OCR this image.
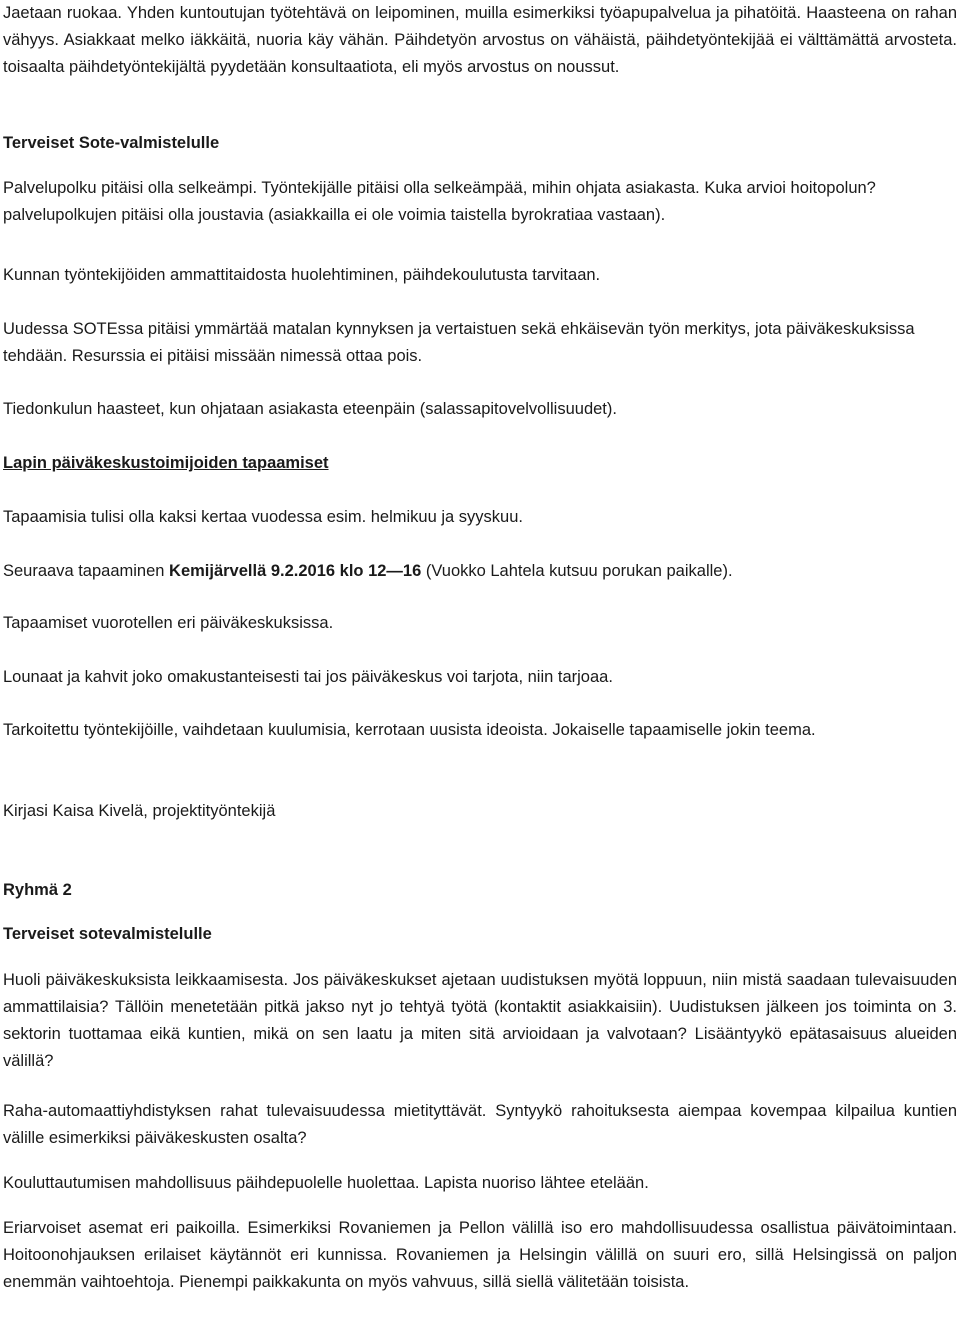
Jaetaan ruokaa. Yhden kuntoutujan työtehtävä on leipominen, muilla esimerkiksi työapupalvelua ja pihatöitä. Haasteena on rahan vähyys. Asiakkaat melko iäkkäitä, nuoria käy vähän. Päihdetyön arvostus on vähäistä, päihdetyöntekijää ei välttämättä arvosteta. toisaalta päihdetyöntekijältä pyydetään konsultaatiota, eli myös arvostus on noussut.

Terveiset Sote-valmistelulle

Palvelupolku pitäisi olla selkeämpi. Työntekijälle pitäisi olla selkeämpää, mihin ohjata asiakasta. Kuka arvioi hoitopolun? palvelupolkujen pitäisi olla joustavia (asiakkailla ei ole voimia taistella byrokratiaa vastaan).

Kunnan työntekijöiden ammattitaidosta huolehtiminen, päihdekoulutusta tarvitaan.

Uudessa SOTEssa pitäisi ymmärtää matalan kynnyksen ja vertaistuen sekä ehkäisevän työn merkitys, jota päiväkeskuksissa tehdään. Resurssia ei pitäisi missään nimessä ottaa pois.

Tiedonkulun haasteet, kun ohjataan asiakasta eteenpäin (salassapitovelvollisuudet).

Lapin päiväkeskustoimijoiden tapaamiset

Tapaamisia tulisi olla kaksi kertaa vuodessa esim. helmikuu ja syyskuu.

Seuraava tapaaminen Kemijärvellä 9.2.2016 klo 12—16 (Vuokko Lahtela kutsuu porukan paikalle).

Tapaamiset vuorotellen eri päiväkeskuksissa.

Lounaat ja kahvit joko omakustanteisesti tai jos päiväkeskus voi tarjota, niin tarjoaa.

Tarkoitettu työntekijöille, vaihdetaan kuulumisia, kerrotaan uusista ideoista. Jokaiselle tapaamiselle jokin teema.

Kirjasi Kaisa Kivelä, projektityöntekijä

Ryhmä 2

Terveiset sotevalmistelulle

Huoli päiväkeskuksista leikkaamisesta. Jos päiväkeskukset ajetaan uudistuksen myötä loppuun, niin mistä saadaan tulevaisuuden ammattilaisia? Tällöin menetetään pitkä jakso nyt jo tehtyä työtä (kontaktit asiakkaisiin). Uudistuksen jälkeen jos toiminta on 3. sektorin tuottamaa eikä kuntien, mikä on sen laatu ja miten sitä arvioidaan ja valvotaan? Lisääntyykö epätasaisuus alueiden välillä?

Raha-automaattiyhdistyksen rahat tulevaisuudessa mietityttävät. Syntyykö rahoituksesta aiempaa kovempaa kilpailua kuntien välille esimerkiksi päiväkeskusten osalta?

Kouluttautumisen mahdollisuus päihdepuolelle huolettaa. Lapista nuoriso lähtee etelään.

Eriarvoiset asemat eri paikoilla. Esimerkiksi Rovaniemen ja Pellon välillä iso ero mahdollisuudessa osallistua päivätoimintaan. Hoitoonohjauksen erilaiset käytännöt eri kunnissa. Rovaniemen ja Helsingin välillä on suuri ero, sillä Helsingissä on paljon enemmän vaihtoehtoja. Pienempi paikkakunta on myös vahvuus, sillä siellä välitetään toisista.
